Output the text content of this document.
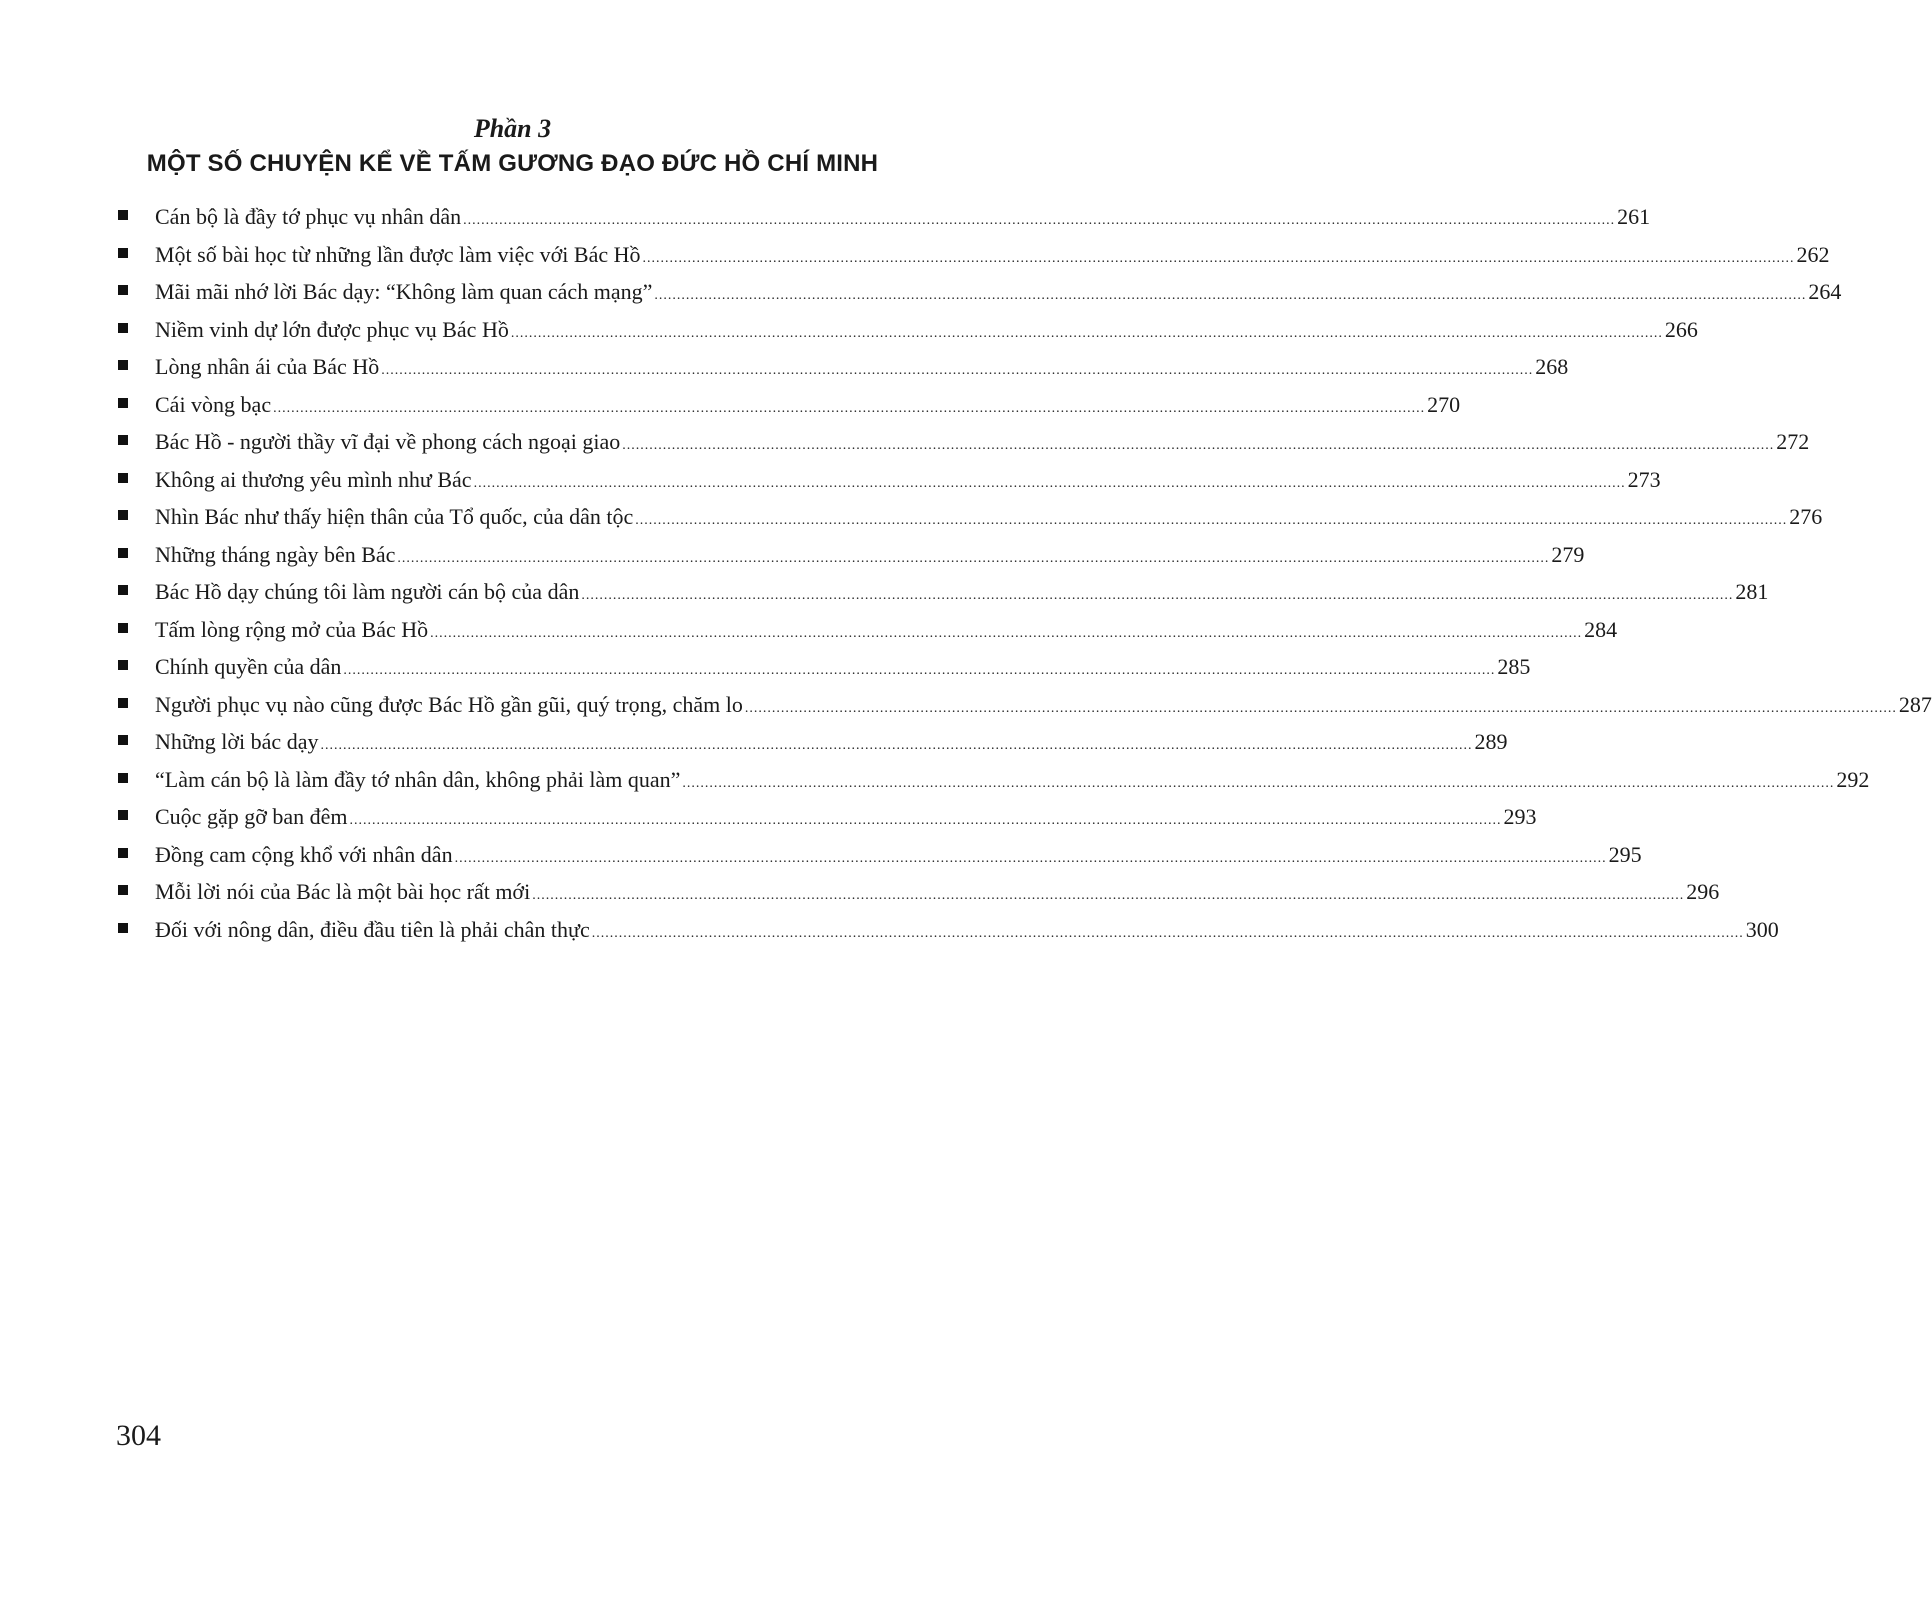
Phần 3
MỘT SỐ CHUYỆN KỂ VỀ TẤM GƯƠNG ĐẠO ĐỨC HỒ CHÍ MINH
Cán bộ là đầy tớ phục vụ nhân dân .....	261
Một số bài học từ những lần được làm việc với Bác Hồ .....	262
Mãi mãi nhớ lời Bác dạy: “Không làm quan cách mạng” .....	264
Niềm vinh dự lớn được phục vụ Bác Hồ .....	266
Lòng nhân ái của Bác Hồ .....	268
Cái vòng bạc .....	270
Bác Hồ - người thầy vĩ đại về phong cách ngoại giao .....	272
Không ai thương yêu mình như Bác .....	273
Nhìn Bác như thấy hiện thân của Tổ quốc, của dân tộc .....	276
Những tháng ngày bên Bác .....	279
Bác Hồ dạy chúng tôi làm người cán bộ của dân .....	281
Tấm lòng rộng mở của Bác Hồ .....	284
Chính quyền của dân .....	285
Người phục vụ nào cũng được Bác Hồ gần gũi, quý trọng, chăm lo .....	287
Những lời bác dạy .....	289
“Làm cán bộ là làm đầy tớ nhân dân, không phải làm quan” .....	292
Cuộc gặp gỡ ban đêm .....	293
Đồng cam cộng khổ với nhân dân .....	295
Mỗi lời nói của Bác là một bài học rất mới .....	296
Đối với nông dân, điều đầu tiên là phải chân thực .....	300
304
